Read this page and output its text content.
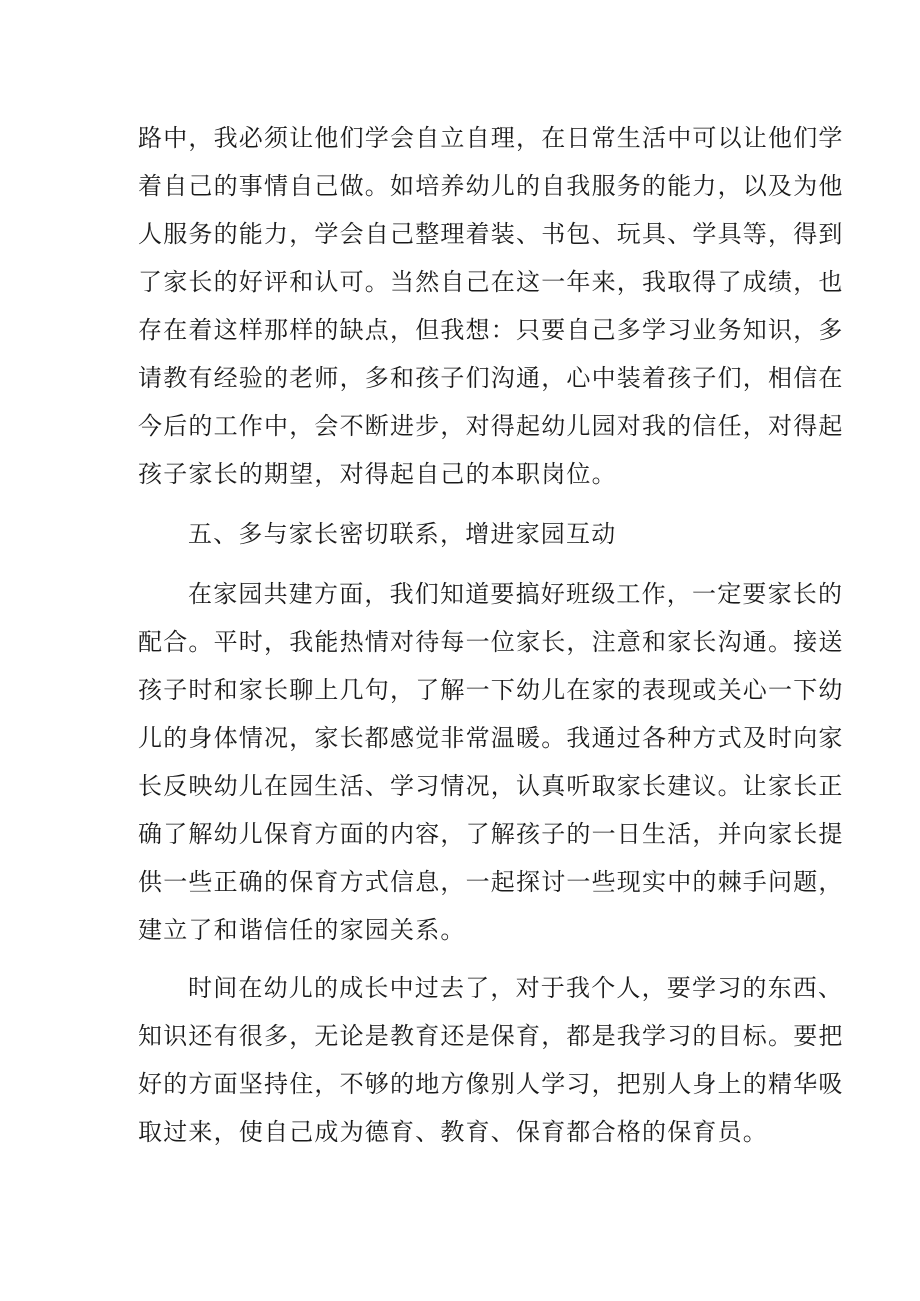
路中，我必须让他们学会自立自理，在日常生活中可以让他们学
着自己的事情自己做。如培养幼儿的自我服务的能力，以及为他
人服务的能力，学会自己整理着装、书包、玩具、学具等，得到
了家长的好评和认可。当然自己在这一年来，我取得了成绩，也
存在着这样那样的缺点，但我想：只要自己多学习业务知识，多
请教有经验的老师，多和孩子们沟通，心中装着孩子们，相信在
今后的工作中，会不断进步，对得起幼儿园对我的信任，对得起
孩子家长的期望，对得起自己的本职岗位。
五、多与家长密切联系，增进家园互动
在家园共建方面，我们知道要搞好班级工作，一定要家长的
配合。平时，我能热情对待每一位家长，注意和家长沟通。接送
孩子时和家长聊上几句，了解一下幼儿在家的表现或关心一下幼
儿的身体情况，家长都感觉非常温暖。我通过各种方式及时向家
长反映幼儿在园生活、学习情况，认真听取家长建议。让家长正
确了解幼儿保育方面的内容，了解孩子的一日生活，并向家长提
供一些正确的保育方式信息，一起探讨一些现实中的棘手问题，
建立了和谐信任的家园关系。
时间在幼儿的成长中过去了，对于我个人，要学习的东西、
知识还有很多，无论是教育还是保育，都是我学习的目标。要把
好的方面坚持住，不够的地方像别人学习，把别人身上的精华吸
取过来，使自己成为德育、教育、保育都合格的保育员。
